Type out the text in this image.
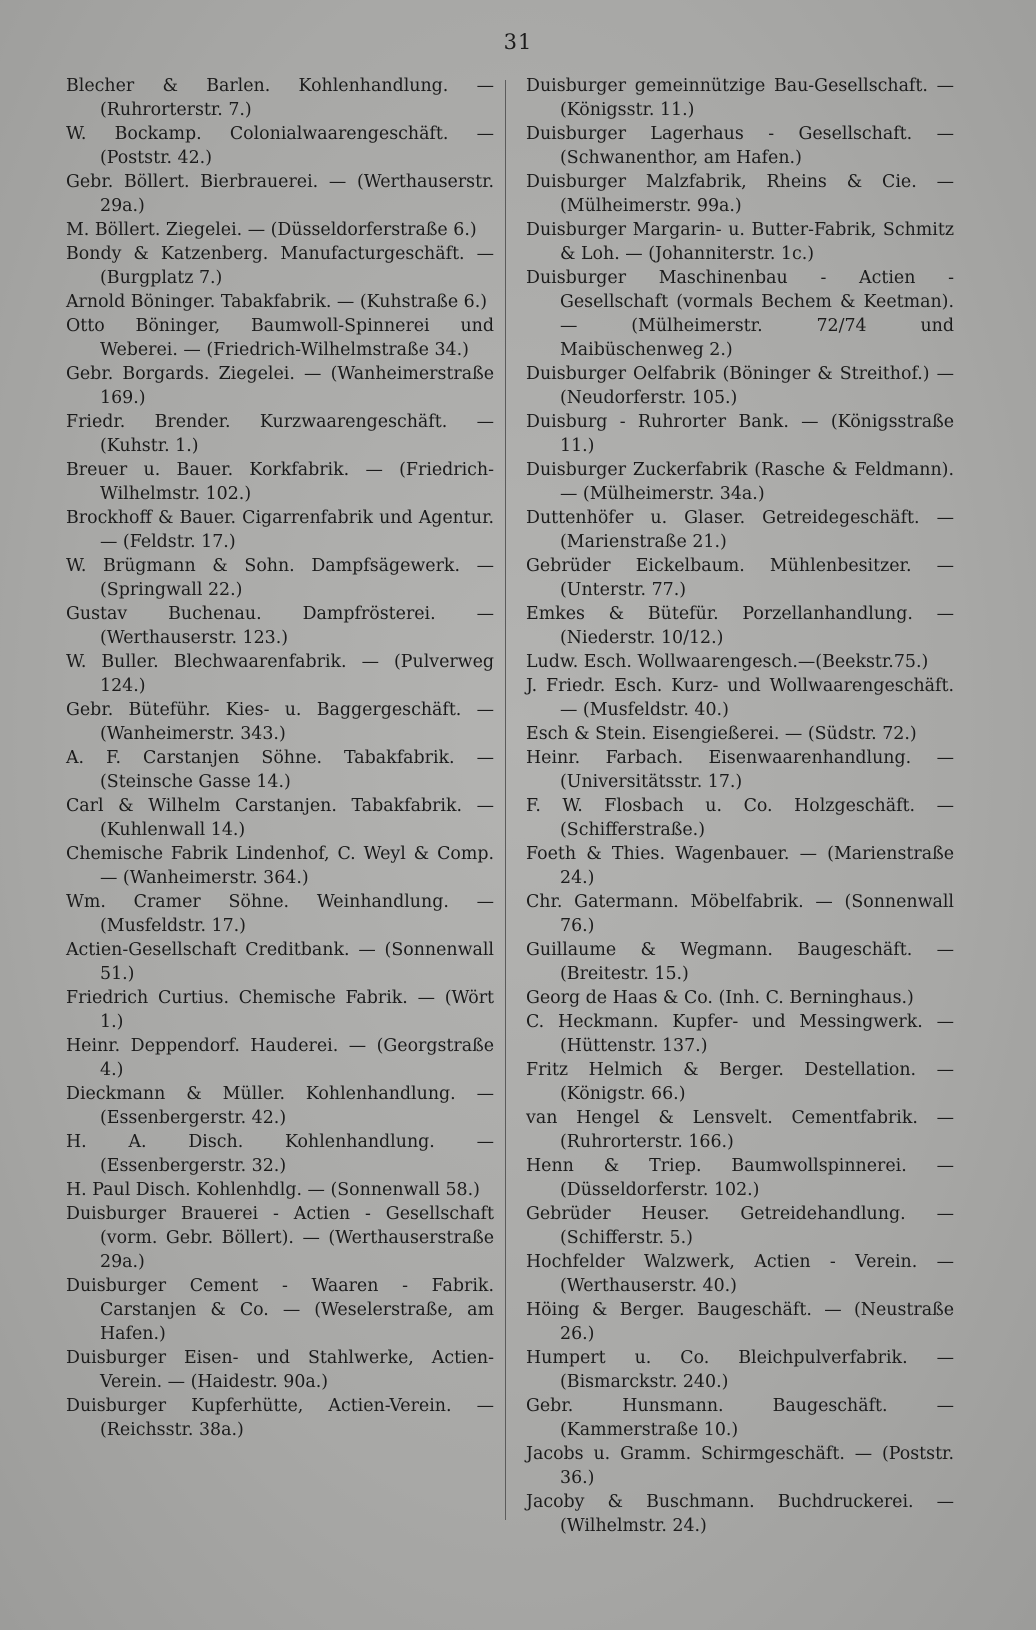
31

Blecher & Barlen. Kohlenhandlung. — (Ruhrorterstr. 7.)

W. Bockamp. Colonialwaarengeschäft. — (Poststr. 42.)

Gebr. Böllert. Bierbrauerei. — (Werthauserstr. 29a.)

M. Böllert. Ziegelei. — (Düsseldorferstraße 6.)

Bondy & Katzenberg. Manufacturgeschäft. — (Burgplatz 7.)

Arnold Böninger. Tabakfabrik. — (Kuhstraße 6.)

Otto Böninger, Baumwoll-Spinnerei und Weberei. — (Friedrich-Wilhelmstraße 34.)

Gebr. Borgards. Ziegelei. — (Wanheimerstraße 169.)

Friedr. Brender. Kurzwaarengeschäft. — (Kuhstr. 1.)

Breuer u. Bauer. Korkfabrik. — (Friedrich-Wilhelmstr. 102.)

Brockhoff & Bauer. Cigarrenfabrik und Agentur. — (Feldstr. 17.)

W. Brügmann & Sohn. Dampfsägewerk. — (Springwall 22.)

Gustav Buchenau. Dampfrösterei. — (Werthauserstr. 123.)

W. Buller. Blechwaarenfabrik. — (Pulverweg 124.)

Gebr. Büteführ. Kies- u. Baggergeschäft. — (Wanheimerstr. 343.)

A. F. Carstanjen Söhne. Tabakfabrik. — (Steinsche Gasse 14.)

Carl & Wilhelm Carstanjen. Tabakfabrik. — (Kuhlenwall 14.)

Chemische Fabrik Lindenhof, C. Weyl & Comp. — (Wanheimerstr. 364.)

Wm. Cramer Söhne. Weinhandlung. — (Musfeldstr. 17.)

Actien-Gesellschaft Creditbank. — (Sonnenwall 51.)

Friedrich Curtius. Chemische Fabrik. — (Wört 1.)

Heinr. Deppendorf. Hauderei. — (Georgstraße 4.)

Dieckmann & Müller. Kohlenhandlung. — (Essenbergerstr. 42.)

H. A. Disch. Kohlenhandlung. — (Essenbergerstr. 32.)

H. Paul Disch. Kohlenhdlg. — (Sonnenwall 58.)

Duisburger Brauerei - Actien - Gesellschaft (vorm. Gebr. Böllert). — (Werthauserstraße 29a.)

Duisburger Cement - Waaren - Fabrik. Carstanjen & Co. — (Weselerstraße, am Hafen.)

Duisburger Eisen- und Stahlwerke, Actien-Verein. — (Haidestr. 90a.)

Duisburger Kupferhütte, Actien-Verein. — (Reichsstr. 38a.)

Duisburger gemeinnützige Bau-Gesellschaft. — (Königsstr. 11.)

Duisburger Lagerhaus - Gesellschaft. — (Schwanenthor, am Hafen.)

Duisburger Malzfabrik, Rheins & Cie. — (Mülheimerstr. 99a.)

Duisburger Margarin- u. Butter-Fabrik, Schmitz & Loh. — (Johanniterstr. 1c.)

Duisburger Maschinenbau - Actien - Gesellschaft (vormals Bechem & Keetman). — (Mülheimerstr. 72/74 und Maibüschenweg 2.)

Duisburger Oelfabrik (Böninger & Streithof.) — (Neudorferstr. 105.)

Duisburg - Ruhrorter Bank. — (Königsstraße 11.)

Duisburger Zuckerfabrik (Rasche & Feldmann). — (Mülheimerstr. 34a.)

Duttenhöfer u. Glaser. Getreidegeschäft. — (Marienstraße 21.)

Gebrüder Eickelbaum. Mühlenbesitzer. — (Unterstr. 77.)

Emkes & Bütefür. Porzellanhandlung. — (Niederstr. 10/12.)

Ludw. Esch. Wollwaarengesch.—(Beekstr.75.)

J. Friedr. Esch. Kurz- und Wollwaarengeschäft. — (Musfeldstr. 40.)

Esch & Stein. Eisengießerei. — (Südstr. 72.)

Heinr. Farbach. Eisenwaarenhandlung. — (Universitätsstr. 17.)

F. W. Flosbach u. Co. Holzgeschäft. — (Schifferstraße.)

Foeth & Thies. Wagenbauer. — (Marienstraße 24.)

Chr. Gatermann. Möbelfabrik. — (Sonnenwall 76.)

Guillaume & Wegmann. Baugeschäft. — (Breitestr. 15.)

Georg de Haas & Co. (Inh. C. Berninghaus.)

C. Heckmann. Kupfer- und Messingwerk. — (Hüttenstr. 137.)

Fritz Helmich & Berger. Destellation. — (Königstr. 66.)

van Hengel & Lensvelt. Cementfabrik. — (Ruhrorterstr. 166.)

Henn & Triep. Baumwollspinnerei. — (Düsseldorferstr. 102.)

Gebrüder Heuser. Getreidehandlung. — (Schifferstr. 5.)

Hochfelder Walzwerk, Actien - Verein. — (Werthauserstr. 40.)

Höing & Berger. Baugeschäft. — (Neustraße 26.)

Humpert u. Co. Bleichpulverfabrik. — (Bismarckstr. 240.)

Gebr. Hunsmann. Baugeschäft. — (Kammerstraße 10.)

Jacobs u. Gramm. Schirmgeschäft. — (Poststr. 36.)

Jacoby & Buschmann. Buchdruckerei. — (Wilhelmstr. 24.)
